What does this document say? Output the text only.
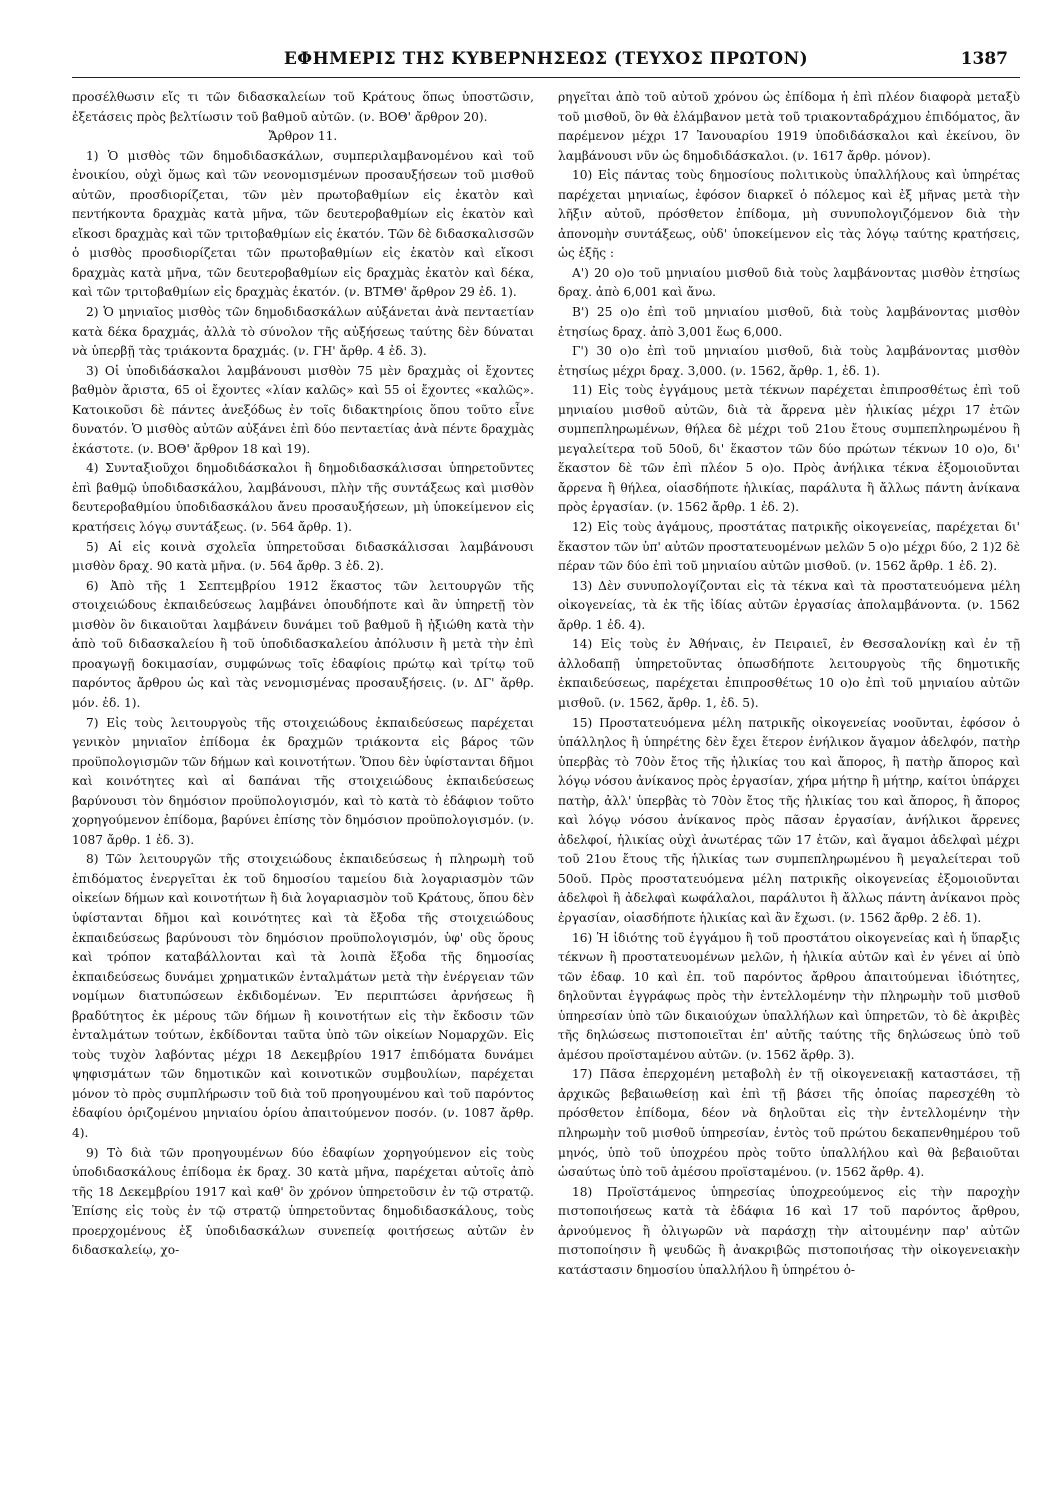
ΕΦΗΜΕΡΙΣ ΤΗΣ ΚΥΒΕΡΝΗΣΕΩΣ (ΤΕΥΧΟΣ ΠΡΩΤΟΝ)	1387

προσέλθωσιν εἴς τι τῶν διδασκαλείων τοῦ Κράτους ὅπως ὑποστῶσιν, ἐξετάσεις πρὸς βελτίωσιν τοῦ βαθμοῦ αὐτῶν. (ν. ΒΟΘ' ἄρθρον 20).

Ἄρθρον 11.

1) Ὁ μισθὸς τῶν δημοδιδασκάλων, συμπεριλαμβανομένου καὶ τοῦ ἐνοικίου, οὐχὶ ὅμως καὶ τῶν νεονομισμένων προσαυξήσεων τοῦ μισθοῦ αὐτῶν, προσδιορίζεται, τῶν μὲν πρωτοβαθμίων εἰς ἑκατὸν καὶ πεντήκοντα δραχμὰς κατὰ μῆνα, τῶν δευτεροβαθμίων εἰς ἑκατὸν καὶ εἴκοσι δραχμὰς καὶ τῶν τριτοβαθμίων εἰς ἑκατόν. Τῶν δὲ διδασκαλισσῶν ὁ μισθὸς προσδιορίζεται τῶν πρωτοβαθμίων εἰς ἑκατὸν καὶ εἴκοσι δραχμὰς κατὰ μῆνα, τῶν δευτεροβαθμίων εἰς δραχμὰς ἑκατὸν καὶ δέκα, καὶ τῶν τριτοβαθμίων εἰς δραχμὰς ἑκατόν. (ν. ΒΤΜΘ' ἄρθρον 29 ἐδ. 1).

2) Ὁ μηνιαῖος μισθὸς τῶν δημοδιδασκάλων αὐξάνεται ἀνὰ πενταετίαν κατὰ δέκα δραχμάς, ἀλλὰ τὸ σύνολον τῆς αὐξήσεως ταύτης δὲν δύναται νὰ ὑπερβῇ τὰς τριάκοντα δραχμάς. (ν. ΓΗ' ἄρθρ. 4 ἐδ. 3).

3) Οἱ ὑποδιδάσκαλοι λαμβάνουσι μισθὸν 75 μὲν δραχμὰς οἱ ἔχοντες βαθμὸν ἄριστα, 65 οἱ ἔχοντες «λίαν καλῶς» καὶ 55 οἱ ἔχοντες «καλῶς». Κατοικοῦσι δὲ πάντες ἀνεξόδως ἐν τοῖς διδακτηρίοις ὅπου τοῦτο εἶνε δυνατόν. Ὁ μισθὸς αὐτῶν αὐξάνει ἐπὶ δύο πενταετίας ἀνὰ πέντε δραχμὰς ἑκάστοτε. (ν. ΒΟΘ' ἄρθρον 18 καὶ 19).

4) Συνταξιοῦχοι δημοδιδάσκαλοι ἢ δημοδιδασκάλισσαι ὑπηρετοῦντες ἐπὶ βαθμῷ ὑποδιδασκάλου, λαμβάνουσι, πλὴν τῆς συντάξεως καὶ μισθὸν δευτεροβαθμίου ὑποδιδασκάλου ἄνευ προσαυξήσεων, μὴ ὑποκείμενον εἰς κρατήσεις λόγῳ συντάξεως. (ν. 564 ἄρθρ. 1).

5) Αἱ εἰς κοινὰ σχολεῖα ὑπηρετοῦσαι διδασκάλισσαι λαμβάνουσι μισθὸν δραχ. 90 κατὰ μῆνα. (ν. 564 ἄρθρ. 3 ἐδ. 2).

6) Ἀπὸ τῆς 1 Σεπτεμβρίου 1912 ἕκαστος τῶν λειτουργῶν τῆς στοιχειώδους ἐκπαιδεύσεως λαμβάνει ὁπουδήποτε καὶ ἂν ὑπηρετῇ τὸν μισθὸν ὃν δικαιοῦται λαμβάνειν δυνάμει τοῦ βαθμοῦ ἢ ἠξιώθη κατὰ τὴν ἀπὸ τοῦ διδασκαλείου ἢ τοῦ ὑποδιδασκαλείου ἀπόλυσιν ἢ μετὰ τὴν ἐπὶ προαγωγῇ δοκιμασίαν, συμφώνως τοῖς ἐδαφίοις πρώτῳ καὶ τρίτῳ τοῦ παρόντος ἄρθρου ὡς καὶ τὰς νενομισμένας προσαυξήσεις. (ν. ΔΓ' ἄρθρ. μόν. ἐδ. 1).

7) Εἰς τοὺς λειτουργοὺς τῆς στοιχειώδους ἐκπαιδεύσεως παρέχεται γενικὸν μηνιαῖον ἐπίδομα ἐκ δραχμῶν τριάκοντα εἰς βάρος τῶν προϋπολογισμῶν τῶν δήμων καὶ κοινοτήτων. Ὅπου δὲν ὑφίστανται δῆμοι καὶ κοινότητες καὶ αἱ δαπάναι τῆς στοιχειώδους ἐκπαιδεύσεως βαρύνουσι τὸν δημόσιον προϋπολογισμόν, καὶ τὸ κατὰ τὸ ἐδάφιον τοῦτο χορηγούμενον ἐπίδομα, βαρύνει ἐπίσης τὸν δημόσιον προϋπολογισμόν. (ν. 1087 ἄρθρ. 1 ἐδ. 3).

8) Τῶν λειτουργῶν τῆς στοιχειώδους ἐκπαιδεύσεως ἡ πληρωμὴ τοῦ ἐπιδόματος ἐνεργεῖται ἐκ τοῦ δημοσίου ταμείου διὰ λογαριασμὸν τῶν οἰκείων δήμων καὶ κοινοτήτων ἢ διὰ λογαριασμὸν τοῦ Κράτους, ὅπου δὲν ὑφίστανται δῆμοι καὶ κοινότητες καὶ τὰ ἔξοδα τῆς στοιχειώδους ἐκπαιδεύσεως βαρύνουσι τὸν δημόσιον προϋπολογισμόν, ὑφ' οὓς ὅρους καὶ τρόπον καταβάλλονται καὶ τὰ λοιπὰ ἔξοδα τῆς δημοσίας ἐκπαιδεύσεως δυνάμει χρηματικῶν ἐνταλμάτων μετὰ τὴν ἐνέργειαν τῶν νομίμων διατυπώσεων ἐκδιδομένων. Ἐν περιπτώσει ἀρνήσεως ἢ βραδύτητος ἐκ μέρους τῶν δήμων ἢ κοινοτήτων εἰς τὴν ἔκδοσιν τῶν ἐνταλμάτων τούτων, ἐκδίδονται ταῦτα ὑπὸ τῶν οἰκείων Νομαρχῶν. Εἰς τοὺς τυχὸν λαβόντας μέχρι 18 Δεκεμβρίου 1917 ἐπιδόματα δυνάμει ψηφισμάτων τῶν δημοτικῶν καὶ κοινοτικῶν συμβουλίων, παρέχεται μόνον τὸ πρὸς συμπλήρωσιν τοῦ διὰ τοῦ προηγουμένου καὶ τοῦ παρόντος ἐδαφίου ὁριζομένου μηνιαίου ὁρίου ἀπαιτούμενον ποσόν. (ν. 1087 ἄρθρ. 4).

9) Τὸ διὰ τῶν προηγουμένων δύο ἐδαφίων χορηγούμενον εἰς τοὺς ὑποδιδασκάλους ἐπίδομα ἐκ δραχ. 30 κατὰ μῆνα, παρέχεται αὐτοῖς ἀπὸ τῆς 18 Δεκεμβρίου 1917 καὶ καθ' ὃν χρόνον ὑπηρετοῦσιν ἐν τῷ στρατῷ. Ἐπίσης εἰς τοὺς ἐν τῷ στρατῷ ὑπηρετοῦντας δημοδιδασκάλους, τοὺς προερχομένους ἐξ ὑποδιδασκάλων συνεπείᾳ φοιτήσεως αὐτῶν ἐν διδασκαλείῳ, χο-

ρηγεῖται ἀπὸ τοῦ αὐτοῦ χρόνου ὡς ἐπίδομα ἡ ἐπὶ πλέον διαφορὰ μεταξὺ τοῦ μισθοῦ, ὃν θὰ ἐλάμβανον μετὰ τοῦ τριακονταδράχμου ἐπιδόματος, ἂν παρέμενον μέχρι 17 Ἰανουαρίου 1919 ὑποδιδάσκαλοι καὶ ἐκείνου, ὃν λαμβάνουσι νῦν ὡς δημοδιδάσκαλοι. (ν. 1617 ἄρθρ. μόνον).

10) Εἰς πάντας τοὺς δημοσίους πολιτικοὺς ὑπαλλήλους καὶ ὑπηρέτας παρέχεται μηνιαίως, ἐφόσον διαρκεῖ ὁ πόλεμος καὶ ἐξ μῆνας μετὰ τὴν λῆξιν αὐτοῦ, πρόσθετον ἐπίδομα, μὴ συνυπολογιζόμενον διὰ τὴν ἀπονομὴν συντάξεως, οὐδ' ὑποκείμενον εἰς τὰς λόγῳ ταύτης κρατήσεις, ὡς ἑξῆς :

Α') 20 ο)ο τοῦ μηνιαίου μισθοῦ διὰ τοὺς λαμβάνοντας μισθὸν ἐτησίως δραχ. ἀπὸ 6,001 καὶ ἄνω.

Β') 25 ο)ο ἐπὶ τοῦ μηνιαίου μισθοῦ, διὰ τοὺς λαμβάνοντας μισθὸν ἐτησίως δραχ. ἀπὸ 3,001 ἕως 6,000.

Γ') 30 ο)ο ἐπὶ τοῦ μηνιαίου μισθοῦ, διὰ τοὺς λαμβάνοντας μισθὸν ἐτησίως μέχρι δραχ. 3,000. (ν. 1562, ἄρθρ. 1, ἐδ. 1).

11) Εἰς τοὺς ἐγγάμους μετὰ τέκνων παρέχεται ἐπιπροσθέτως ἐπὶ τοῦ μηνιαίου μισθοῦ αὐτῶν, διὰ τὰ ἄρρενα μὲν ἡλικίας μέχρι 17 ἐτῶν συμπεπληρωμένων, θήλεα δὲ μέχρι τοῦ 21ου ἔτους συμπεπληρωμένου ἢ μεγαλείτερα τοῦ 50οῦ, δι' ἕκαστον τῶν δύο πρώτων τέκνων 10 ο)ο, δι' ἕκαστον δὲ τῶν ἐπὶ πλέον 5 ο)ο. Πρὸς ἀνήλικα τέκνα ἐξομοιοῦνται ἄρρενα ἢ θήλεα, οἱασδήποτε ἡλικίας, παράλυτα ἢ ἄλλως πάντη ἀνίκανα πρὸς ἐργασίαν. (ν. 1562 ἄρθρ. 1 ἐδ. 2).

12) Εἰς τοὺς ἀγάμους, προστάτας πατρικῆς οἰκογενείας, παρέχεται δι' ἕκαστον τῶν ὑπ' αὐτῶν προστατευομένων μελῶν 5 ο)ο μέχρι δύο, 2 1)2 δὲ πέραν τῶν δύο ἐπὶ τοῦ μηνιαίου αὐτῶν μισθοῦ. (ν. 1562 ἄρθρ. 1 ἐδ. 2).

13) Δὲν συνυπολογίζονται εἰς τὰ τέκνα καὶ τὰ προστατευόμενα μέλη οἰκογενείας, τὰ ἐκ τῆς ἰδίας αὐτῶν ἐργασίας ἀπολαμβάνοντα. (ν. 1562 ἄρθρ. 1 ἐδ. 4).

14) Εἰς τοὺς ἐν Ἀθήναις, ἐν Πειραιεῖ, ἐν Θεσσαλονίκῃ καὶ ἐν τῇ ἀλλοδαπῇ ὑπηρετοῦντας ὁπωσδήποτε λειτουργοὺς τῆς δημοτικῆς ἐκπαιδεύσεως, παρέχεται ἐπιπροσθέτως 10 ο)ο ἐπὶ τοῦ μηνιαίου αὐτῶν μισθοῦ. (ν. 1562, ἄρθρ. 1, ἐδ. 5).

15) Προστατευόμενα μέλη πατρικῆς οἰκογενείας νοοῦνται, ἐφόσον ὁ ὑπάλληλος ἢ ὑπηρέτης δὲν ἔχει ἕτερον ἐνήλικον ἄγαμον ἀδελφόν, πατὴρ ὑπερβὰς τὸ 70ὸν ἔτος τῆς ἡλικίας του καὶ ἄπορος, ἢ πατὴρ ἄπορος καὶ λόγῳ νόσου ἀνίκανος πρὸς ἐργασίαν, χήρα μήτηρ ἢ μήτηρ, καίτοι ὑπάρχει πατὴρ, ἀλλ' ὑπερβὰς τὸ 70ὸν ἔτος τῆς ἡλικίας του καὶ ἄπορος, ἢ ἄπορος καὶ λόγῳ νόσου ἀνίκανος πρὸς πᾶσαν ἐργασίαν, ἀνήλικοι ἄρρενες ἀδελφοί, ἡλικίας οὐχὶ ἀνωτέρας τῶν 17 ἐτῶν, καὶ ἄγαμοι ἀδελφαὶ μέχρι τοῦ 21ου ἔτους τῆς ἡλικίας των συμπεπληρωμένου ἢ μεγαλείτεραι τοῦ 50οῦ. Πρὸς προστατευόμενα μέλη πατρικῆς οἰκογενείας ἐξομοιοῦνται ἀδελφοὶ ἢ ἀδελφαὶ κωφάλαλοι, παράλυτοι ἢ ἄλλως πάντη ἀνίκανοι πρὸς ἐργασίαν, οἱασδήποτε ἡλικίας καὶ ἂν ἔχωσι. (ν. 1562 ἄρθρ. 2 ἐδ. 1).

16) Ἡ ἰδιότης τοῦ ἐγγάμου ἢ τοῦ προστάτου οἰκογενείας καὶ ἡ ὕπαρξις τέκνων ἢ προστατευομένων μελῶν, ἡ ἡλικία αὐτῶν καὶ ἐν γένει αἱ ὑπὸ τῶν ἐδαφ. 10 καὶ ἐπ. τοῦ παρόντος ἄρθρου ἀπαιτούμεναι ἰδιότητες, δηλοῦνται ἐγγράφως πρὸς τὴν ἐντελλομένην τὴν πληρωμὴν τοῦ μισθοῦ ὑπηρεσίαν ὑπὸ τῶν δικαιούχων ὑπαλλήλων καὶ ὑπηρετῶν, τὸ δὲ ἀκριβὲς τῆς δηλώσεως πιστοποιεῖται ἐπ' αὐτῆς ταύτης τῆς δηλώσεως ὑπὸ τοῦ ἀμέσου προϊσταμένου αὐτῶν. (ν. 1562 ἄρθρ. 3).

17) Πᾶσα ἐπερχομένη μεταβολὴ ἐν τῇ οἰκογενειακῇ καταστάσει, τῇ ἀρχικῶς βεβαιωθείσῃ καὶ ἐπὶ τῇ βάσει τῆς ὁποίας παρεσχέθη τὸ πρόσθετον ἐπίδομα, δέον νὰ δηλοῦται εἰς τὴν ἐντελλομένην τὴν πληρωμὴν τοῦ μισθοῦ ὑπηρεσίαν, ἐντὸς τοῦ πρώτου δεκαπενθημέρου τοῦ μηνός, ὑπὸ τοῦ ὑποχρέου πρὸς τοῦτο ὑπαλλήλου καὶ θὰ βεβαιοῦται ὡσαύτως ὑπὸ τοῦ ἀμέσου προϊσταμένου. (ν. 1562 ἄρθρ. 4).

18) Προϊστάμενος ὑπηρεσίας ὑποχρεούμενος εἰς τὴν παροχὴν πιστοποιήσεως κατὰ τὰ ἐδάφια 16 καὶ 17 τοῦ παρόντος ἄρθρου, ἀρνούμενος ἢ ὀλιγωρῶν νὰ παράσχῃ τὴν αἰτουμένην παρ' αὐτῶν πιστοποίησιν ἢ ψευδῶς ἢ ἀνακριβῶς πιστοποιήσας τὴν οἰκογενειακὴν κατάστασιν δημοσίου ὑπαλλήλου ἢ ὑπηρέτου ὁ-
